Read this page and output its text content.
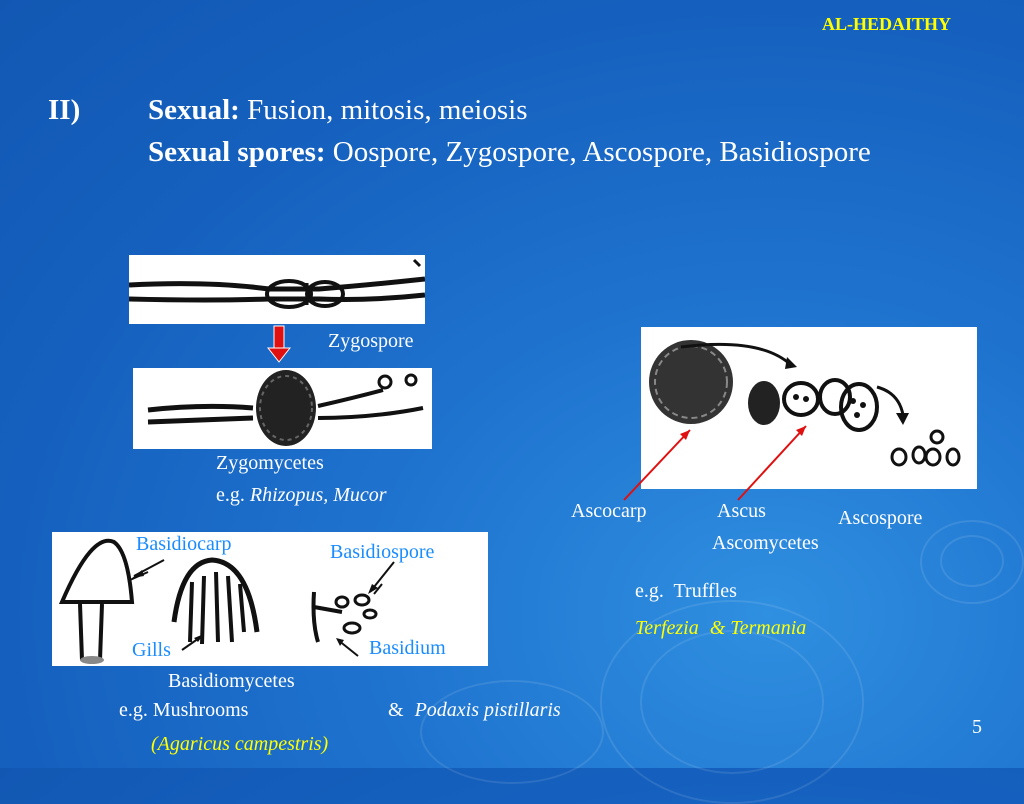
AL-HEDAITHY
II) Sexual: Fusion, mitosis, meiosis
Sexual spores: Oospore, Zygospore, Ascospore, Basidiospore
Zygospore
Zygomycetes
e.g. Rhizopus, Mucor
Ascocarp	Ascus	Ascospore
Ascomycetes
e.g.  Truffles
Terfezia & Termania
Basidiocarp	Basidiospore
Gills	Basidium
Basidiomycetes
e.g. Mushrooms	& Podaxis pistillaris
(Agaricus campestris)
5
